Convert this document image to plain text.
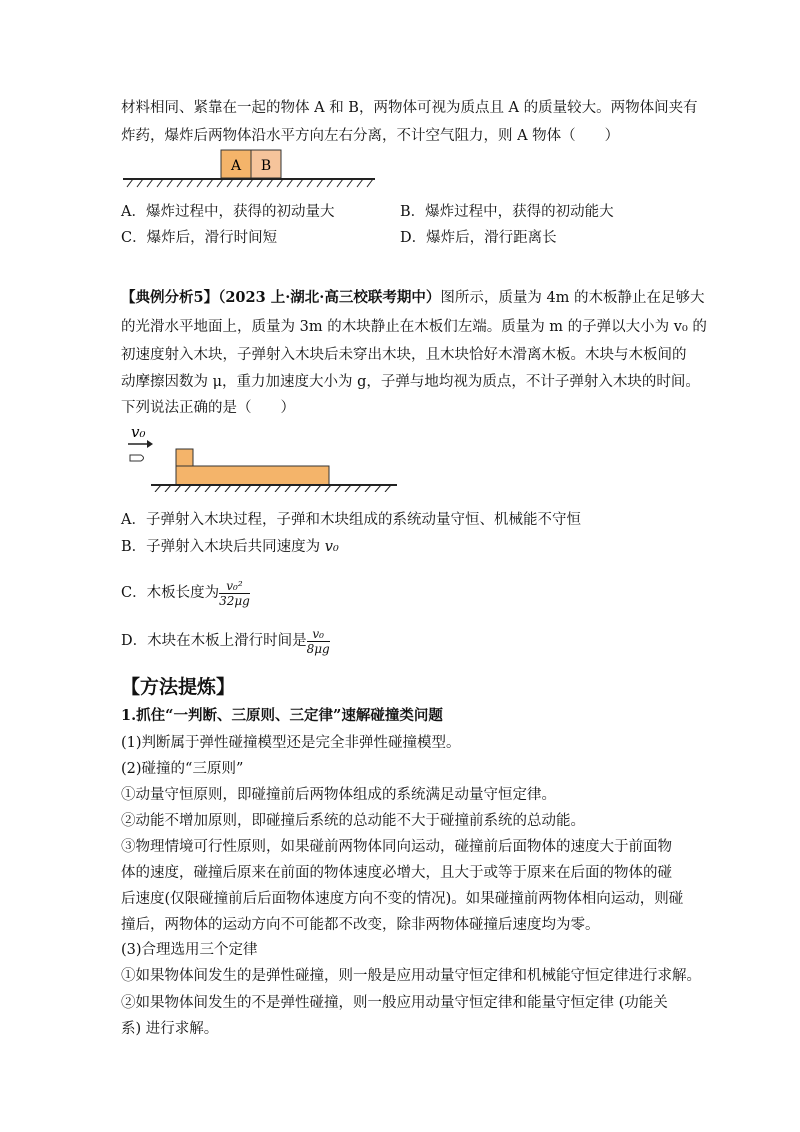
材料相同、紧靠在一起的物体 A 和 B，两物体可视为质点且 A 的质量较大。两物体间夹有
炸药，爆炸后两物体沿水平方向左右分离，不计空气阻力，则 A 物体（　　）
A B
A．爆炸过程中，获得的初动量大	B．爆炸过程中，获得的初动能大
C．爆炸后，滑行时间短	D．爆炸后，滑行距离长
【典例分析5】（2023 上·湖北·高三校联考期中）图所示，质量为 4m 的木板静止在足够大
的光滑水平地面上，质量为 3m 的木块静止在木板们左端。质量为 m 的子弹以大小为 v₀ 的
初速度射入木块，子弹射入木块后未穿出木块，且木块恰好木滑离木板。木块与木板间的
动摩擦因数为 μ，重力加速度大小为 g，子弹与地均视为质点，不计子弹射入木块的时间。
下列说法正确的是（　　）
v₀
A．子弹射入木块过程，子弹和木块组成的系统动量守恒、机械能不守恒
B．子弹射入木块后共同速度为 v₀
C．木板长度为 $\frac{\text{v₀²}}{32\mu g}$
D．木块在木板上滑行时间是 $\frac{\text{v₀}}{8\mu g}$
【方法提炼】
1.抓住“一判断、三原则、三定律”速解碰撞类问题
(1)判断属于弹性碰撞模型还是完全非弹性碰撞模型。
(2)碰撞的“三原则”
①动量守恒原则，即碰撞前后两物体组成的系统满足动量守恒定律。
②动能不增加原则，即碰撞后系统的总动能不大于碰撞前系统的总动能。
③物理情境可行性原则，如果碰前两物体同向运动，碰撞前后面物体的速度大于前面物体的速度，碰撞后原来在前面的物体速度必增大，且大于或等于原来在后面的物体的碰后速度(仅限碰撞前后后面物体速度方向不变的情况)。如果碰撞前两物体相向运动，则碰撞后，两物体的运动方向不可能都不改变，除非两物体碰撞后速度均为零。
(3)合理选用三个定律
①如果物体间发生的是弹性碰撞，则一般是应用动量守恒定律和机械能守恒定律进行求解。
②如果物体间发生的不是弹性碰撞，则一般应用动量守恒定律和能量守恒定律 (功能关系) 进行求解。
